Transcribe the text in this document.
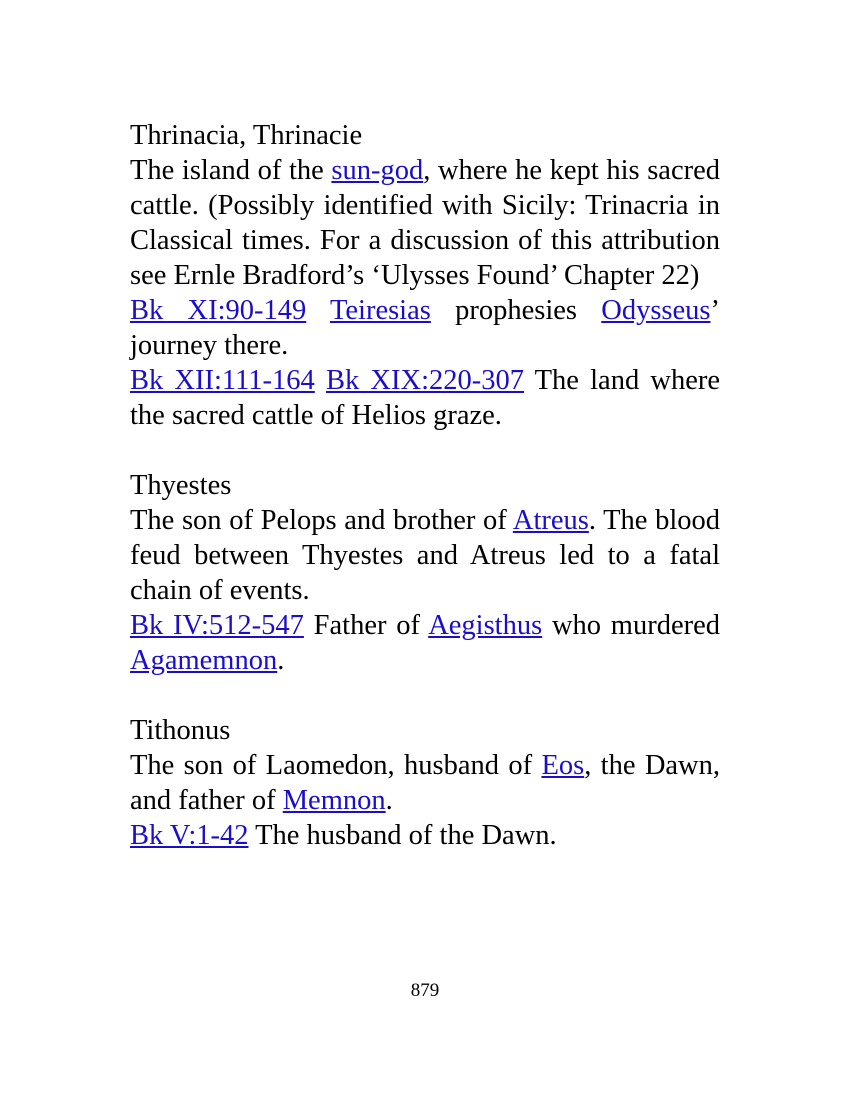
Thrinacia, Thrinacie

The island of the sun-god, where he kept his sacred cattle. (Possibly identified with Sicily: Trinacria in Classical times. For a discussion of this attribution see Ernle Bradford’s ‘Ulysses Found’ Chapter 22)

Bk XI:90-149 Teiresias prophesies Odysseus’ journey there.

Bk XII:111-164 Bk XIX:220-307 The land where the sacred cattle of Helios graze.

Thyestes

The son of Pelops and brother of Atreus. The blood feud between Thyestes and Atreus led to a fatal chain of events.

Bk IV:512-547 Father of Aegisthus who murdered Agamemnon.

Tithonus

The son of Laomedon, husband of Eos, the Dawn, and father of Memnon.

Bk V:1-42 The husband of the Dawn.

879
